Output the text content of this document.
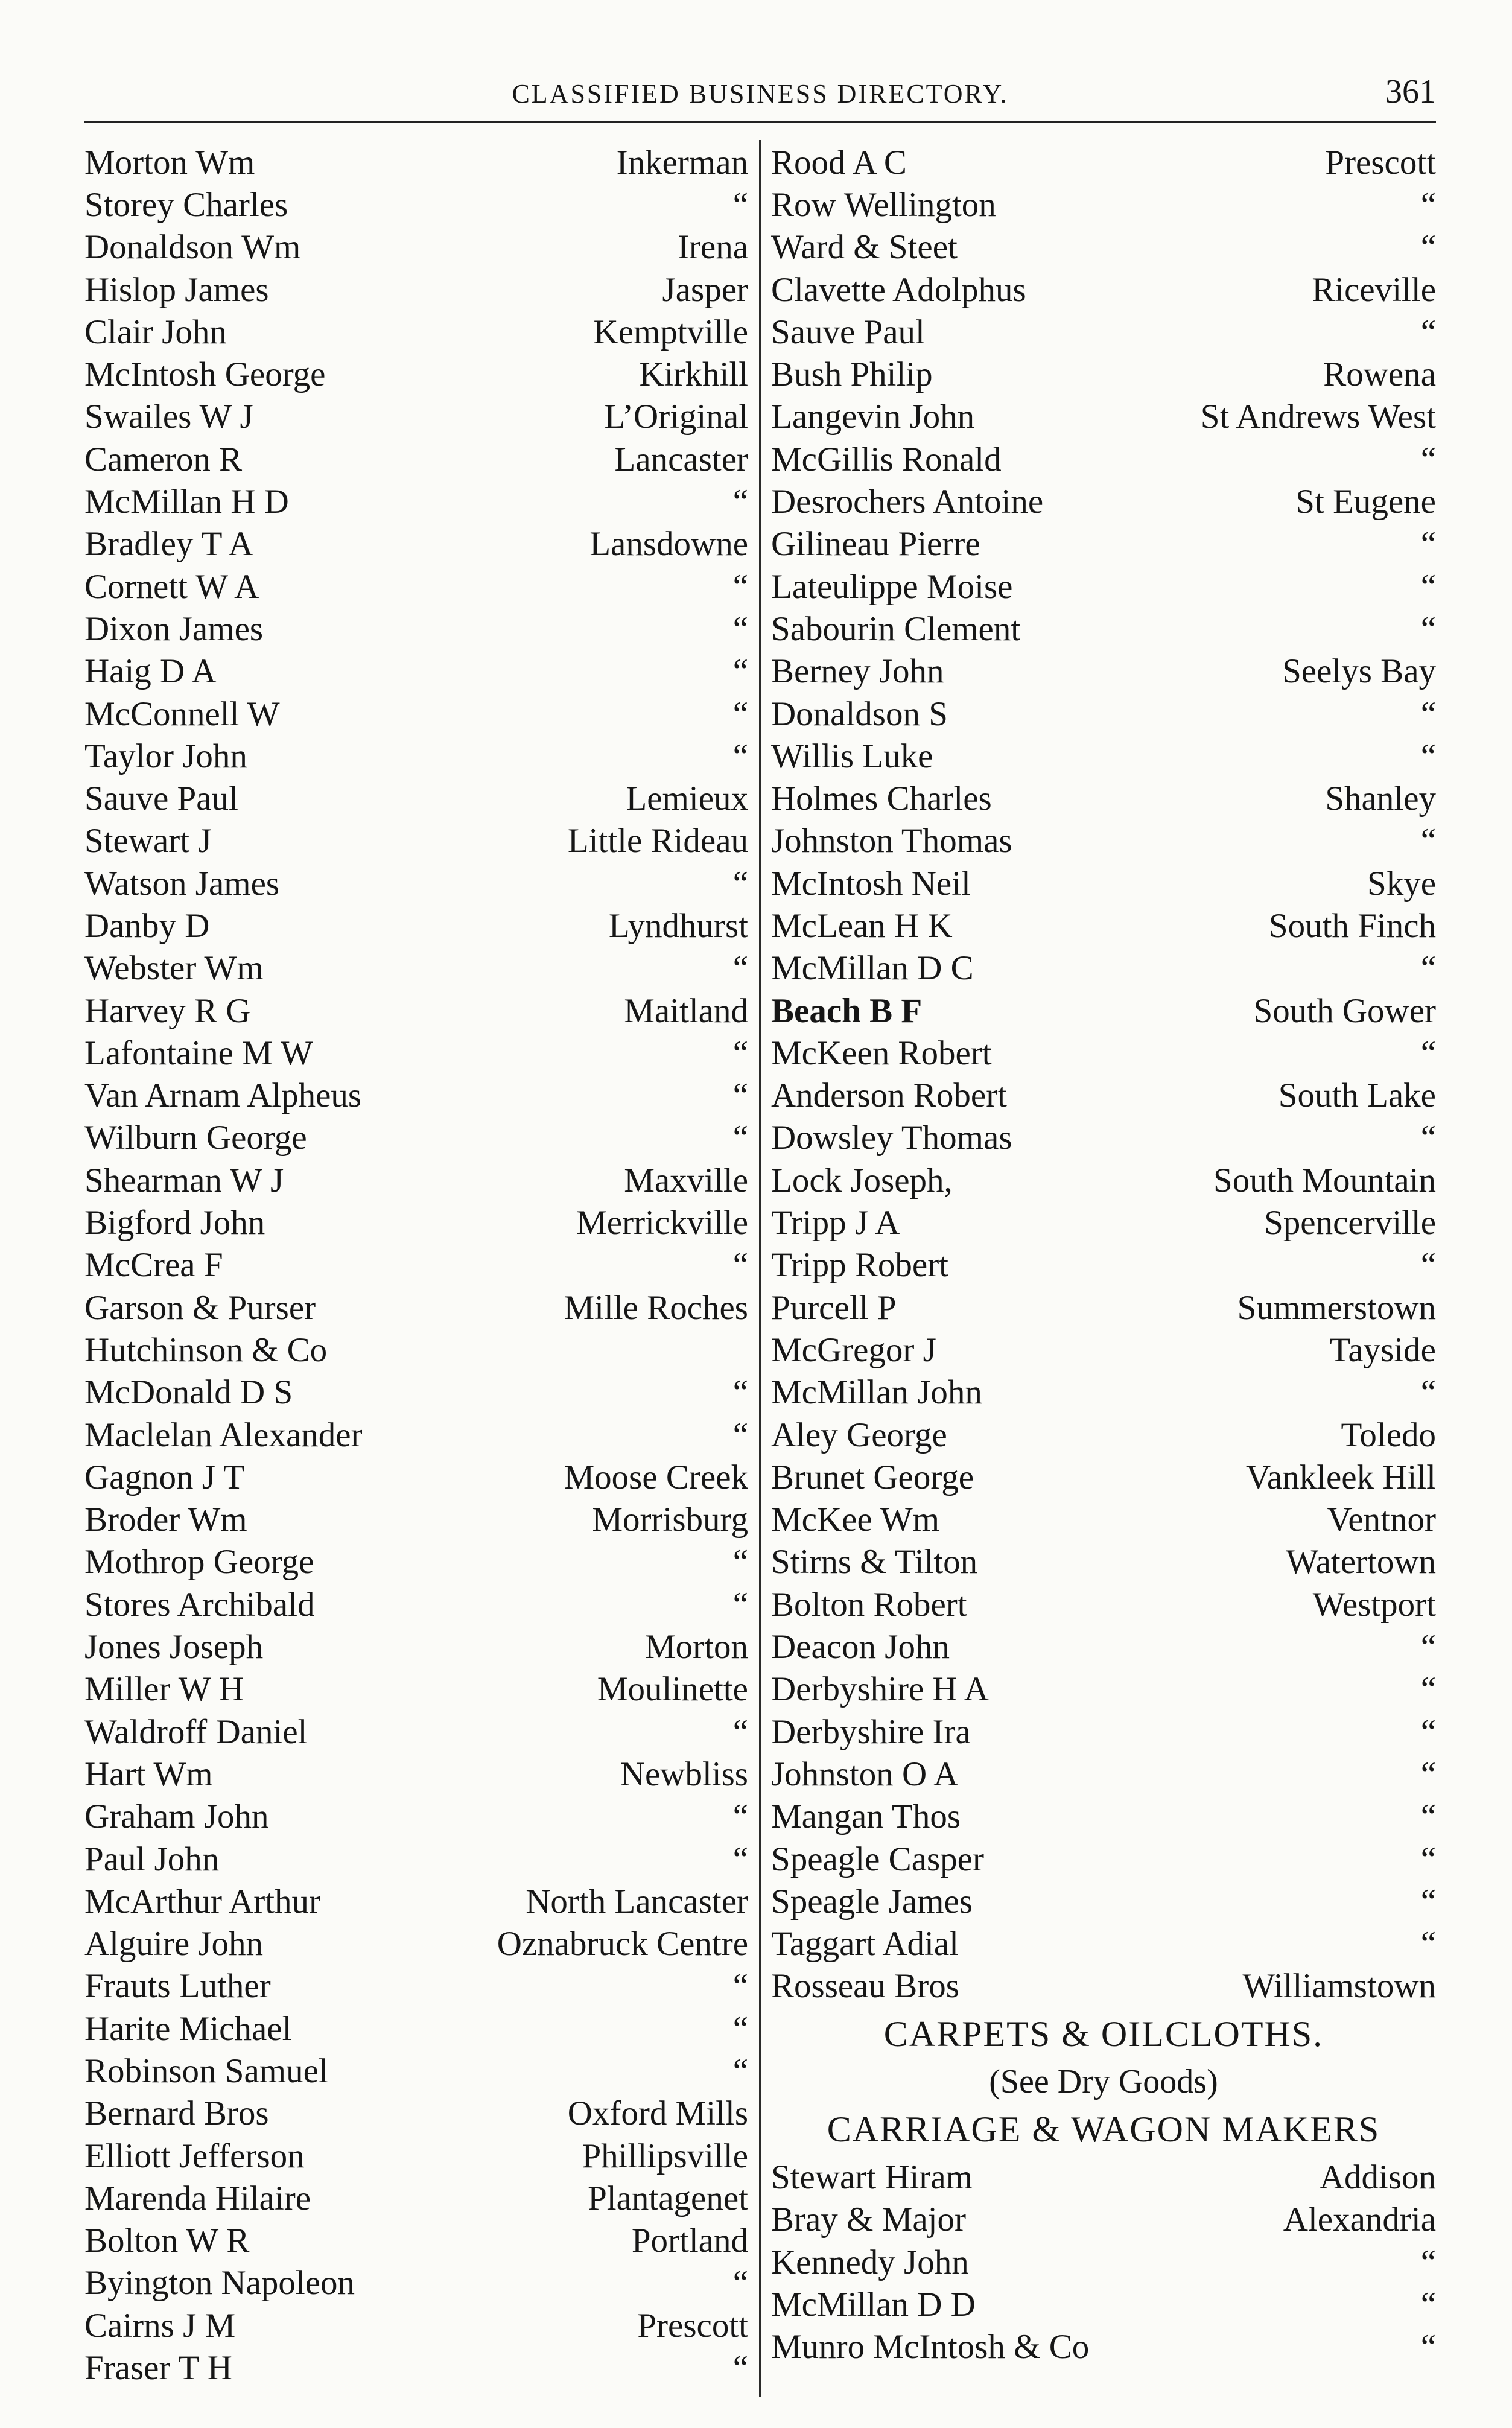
CLASSIFIED BUSINESS DIRECTORY.	361
Morton Wm	Inkerman
Storey Charles	“
Donaldson Wm	Irena
Hislop James	Jasper
Clair John	Kemptville
McIntosh George	Kirkhill
Swailes W J	L’Original
Cameron R	Lancaster
McMillan H D	“
Bradley T A	Lansdowne
Cornett W A	“
Dixon James	“
Haig D A	“
McConnell W	“
Taylor John	“
Sauve Paul	Lemieux
Stewart J	Little Rideau
Watson James	“
Danby D	Lyndhurst
Webster Wm	“
Harvey R G	Maitland
Lafontaine M W	“
Van Arnam Alpheus	“
Wilburn George	“
Shearman W J	Maxville
Bigford John	Merrickville
McCrea F	“
Garson & Purser	Mille Roches
Hutchinson & Co
McDonald D S	“
Maclelan Alexander	“
Gagnon J T	Moose Creek
Broder Wm	Morrisburg
Mothrop George	“
Stores Archibald	“
Jones Joseph	Morton
Miller W H	Moulinette
Waldroff Daniel	“
Hart Wm	Newbliss
Graham John	“
Paul John	“
McArthur Arthur	North Lancaster
Alguire John	Oznabruck Centre
Frauts Luther	“
Harite Michael	“
Robinson Samuel	“
Bernard Bros	Oxford Mills
Elliott Jefferson	Phillipsville
Marenda Hilaire	Plantagenet
Bolton W R	Portland
Byington Napoleon	“
Cairns J M	Prescott
Fraser T H	“
Rood A C	Prescott
Row Wellington	“
Ward & Steet	“
Clavette Adolphus	Riceville
Sauve Paul	“
Bush Philip	Rowena
Langevin John	St Andrews West
McGillis Ronald	“
Desrochers Antoine	St Eugene
Gilineau Pierre	“
Lateulippe Moise	“
Sabourin Clement	“
Berney John	Seelys Bay
Donaldson S	“
Willis Luke	“
Holmes Charles	Shanley
Johnston Thomas	“
McIntosh Neil	Skye
McLean H K	South Finch
McMillan D C	“
Beach B F	South Gower
McKeen Robert	“
Anderson Robert	South Lake
Dowsley Thomas	“
Lock Joseph,	South Mountain
Tripp J A	Spencerville
Tripp Robert	“
Purcell P	Summerstown
McGregor J	Tayside
McMillan John	“
Aley George	Toledo
Brunet George	Vankleek Hill
McKee Wm	Ventnor
Stirns & Tilton	Watertown
Bolton Robert	Westport
Deacon John	“
Derbyshire H A	“
Derbyshire Ira	“
Johnston O A	“
Mangan Thos	“
Speagle Casper	“
Speagle James	“
Taggart Adial	“
Rosseau Bros	Williamstown
CARPETS & OILCLOTHS.
(See Dry Goods)
CARRIAGE & WAGON MAKERS
Stewart Hiram	Addison
Bray & Major	Alexandria
Kennedy John	“
McMillan D D	“
Munro McIntosh & Co	“
